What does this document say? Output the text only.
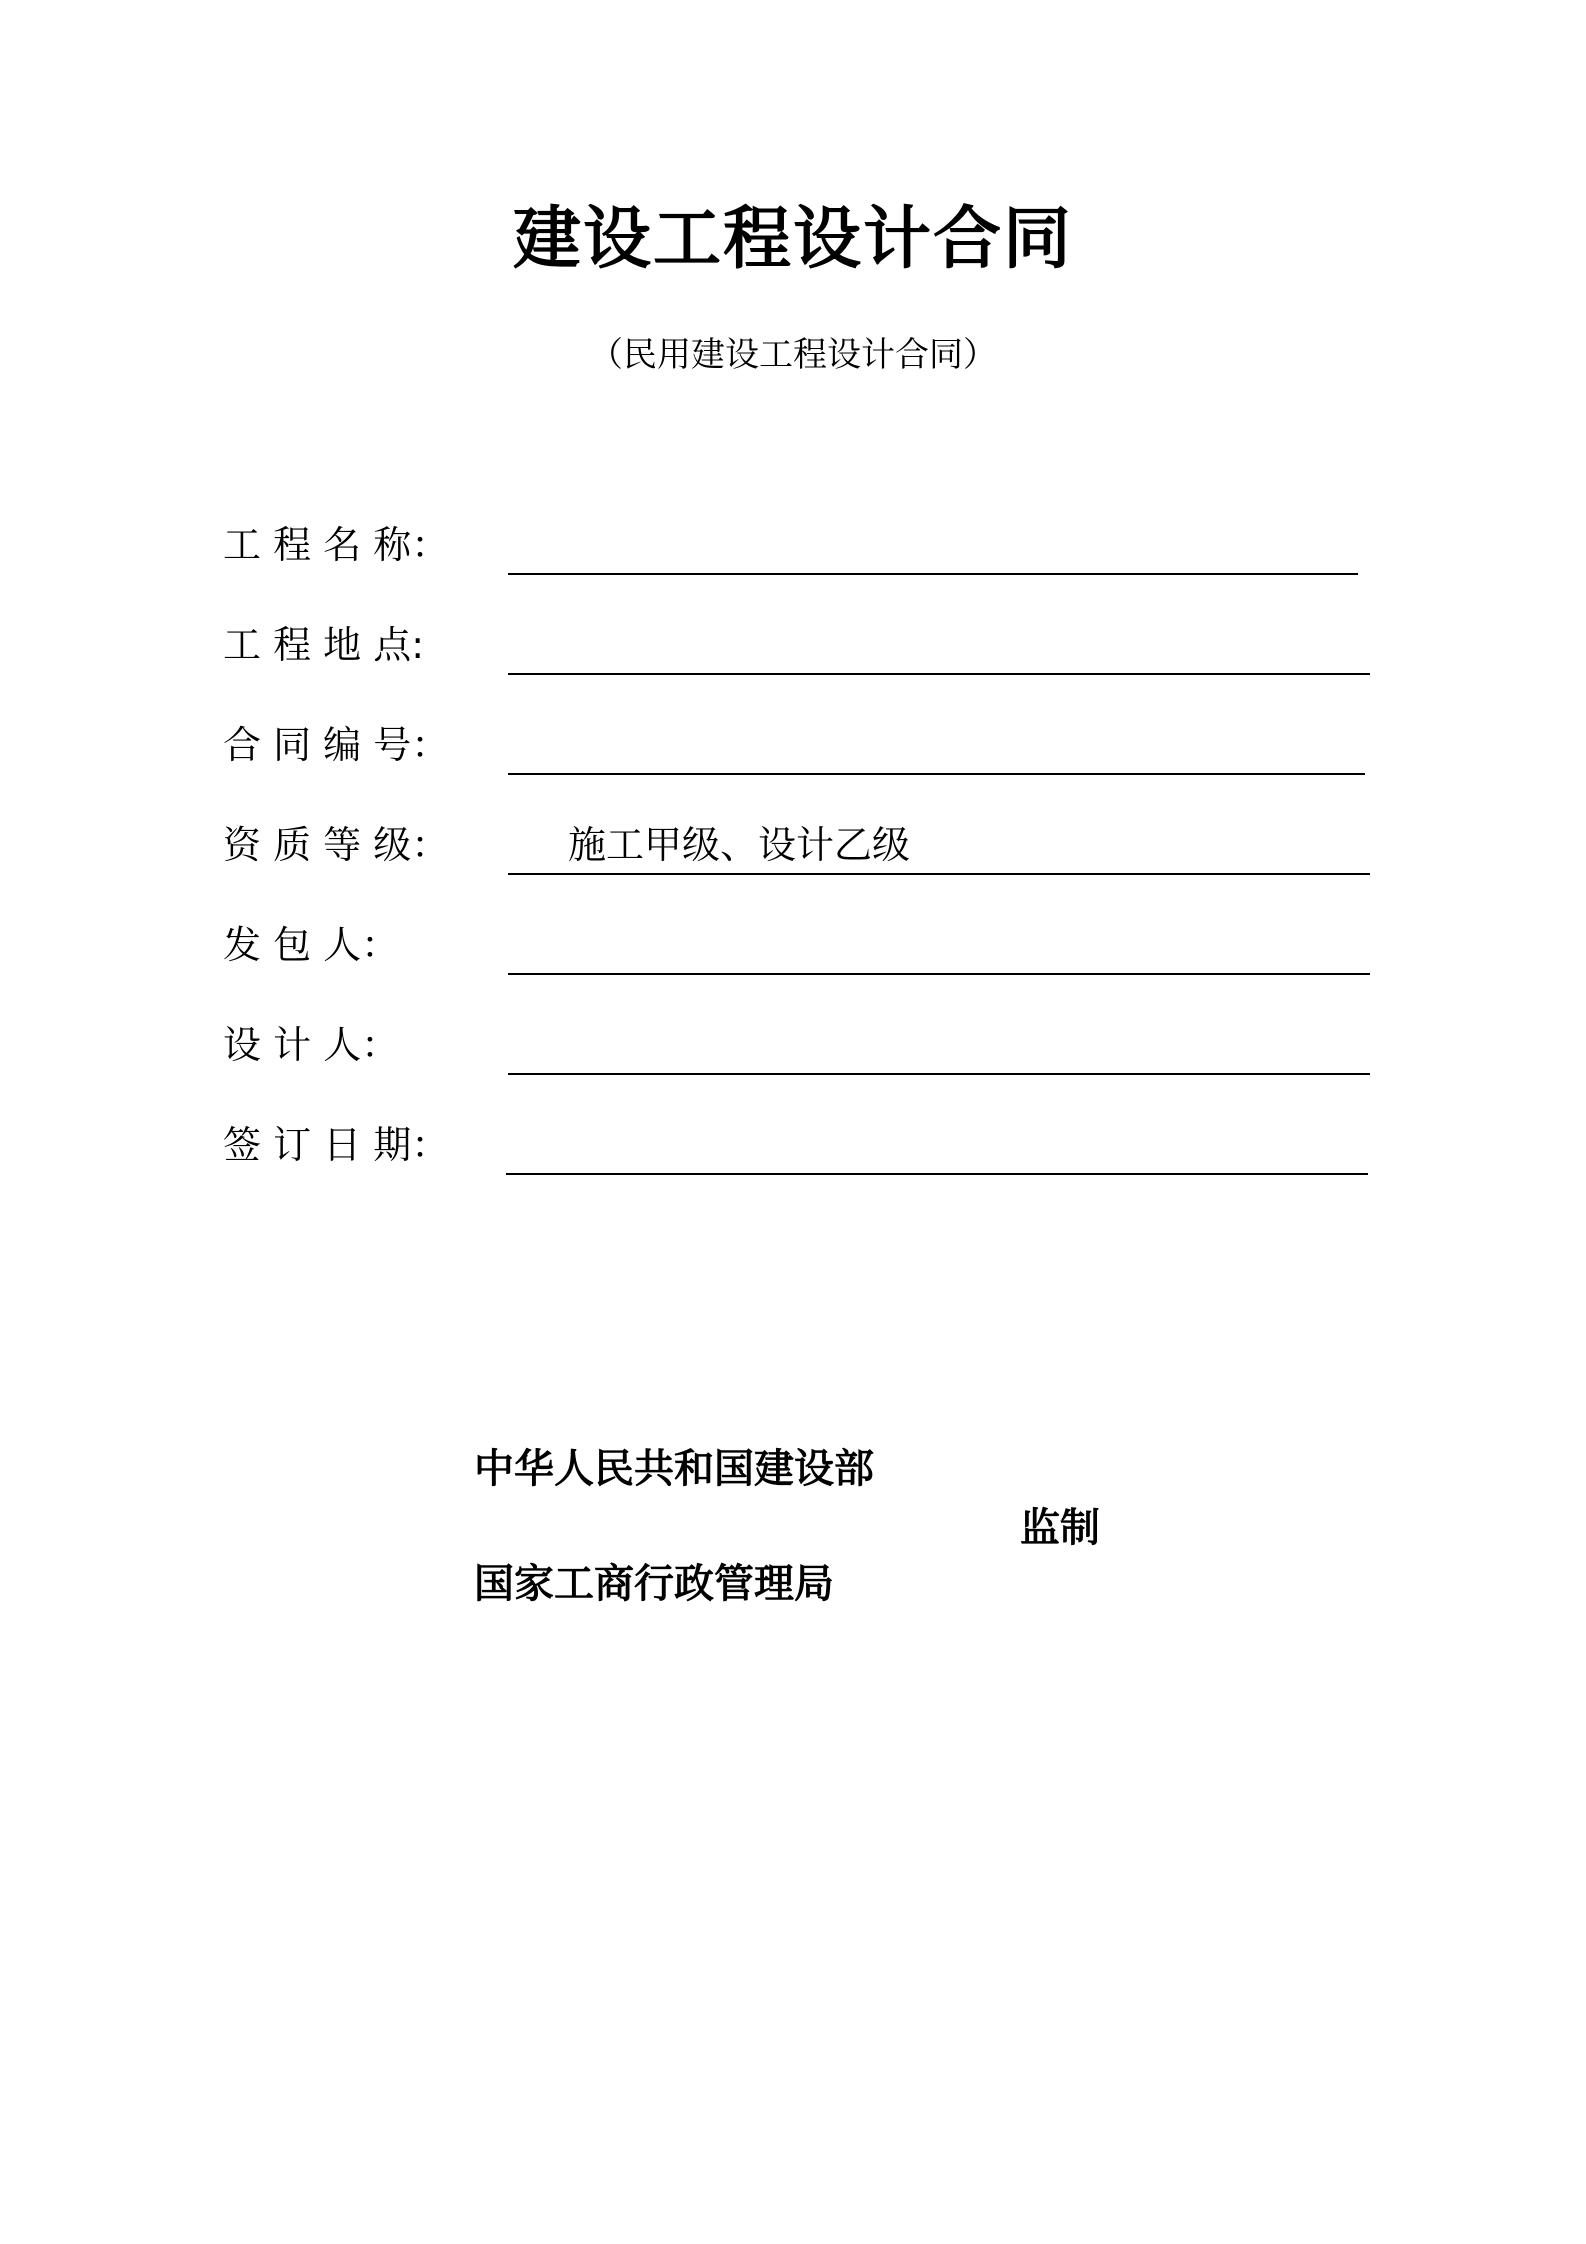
建设工程设计合同
（民用建设工程设计合同）
工 程 名 称：
工 程 地 点:
合 同 编 号：
资 质 等 级：	施工甲级、设计乙级
发 包 人：
设 计 人：
签 订 日 期：
中华人民共和国建设部
监制
国家工商行政管理局
